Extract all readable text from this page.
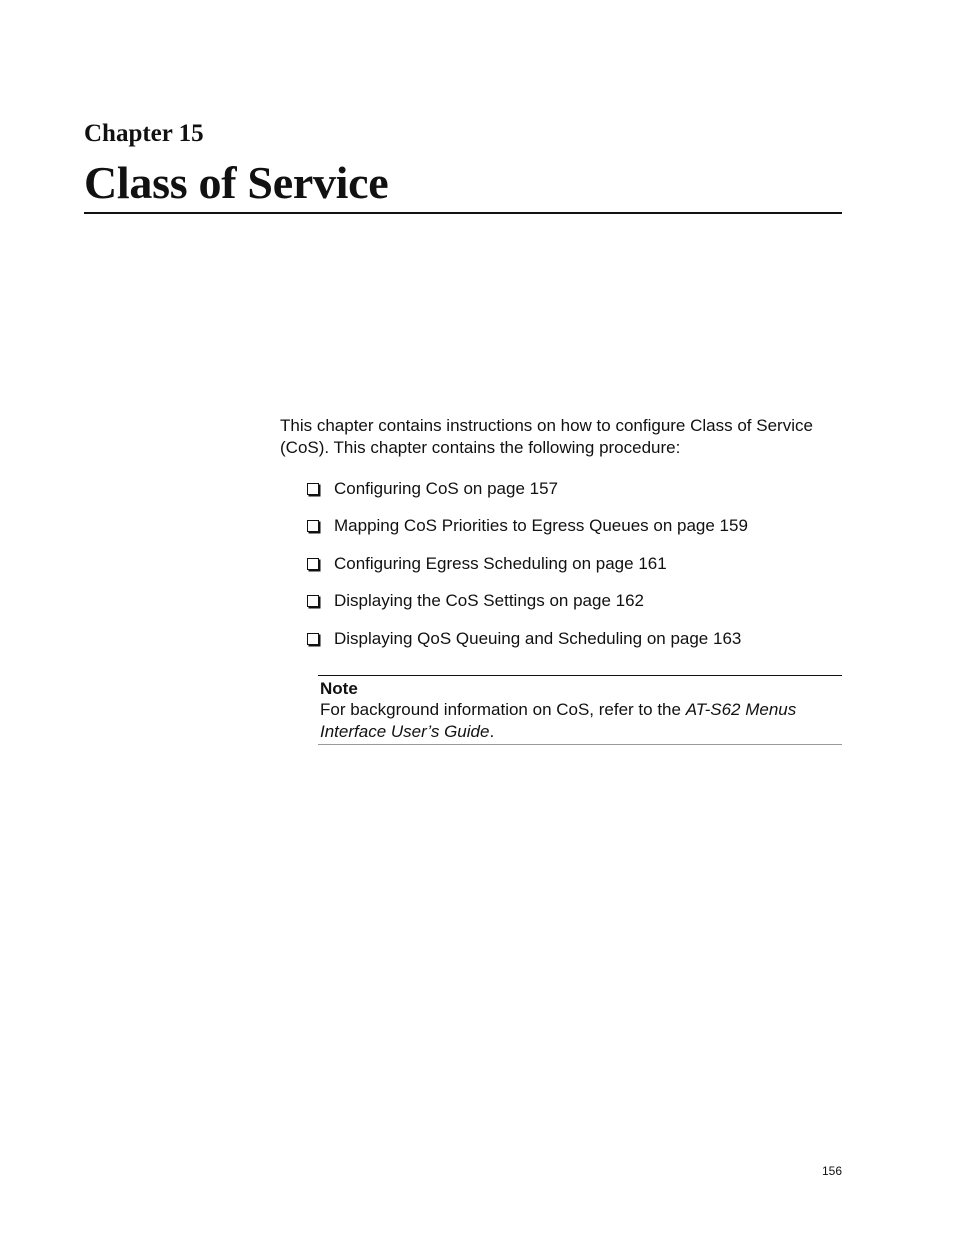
Chapter 15
Class of Service

This chapter contains instructions on how to configure Class of Service (CoS). This chapter contains the following procedure:

Configuring CoS on page 157
Mapping CoS Priorities to Egress Queues on page 159
Configuring Egress Scheduling on page 161
Displaying the CoS Settings on page 162
Displaying QoS Queuing and Scheduling on page 163
Note
For background information on CoS, refer to the AT-S62 Menus Interface User’s Guide.
156
